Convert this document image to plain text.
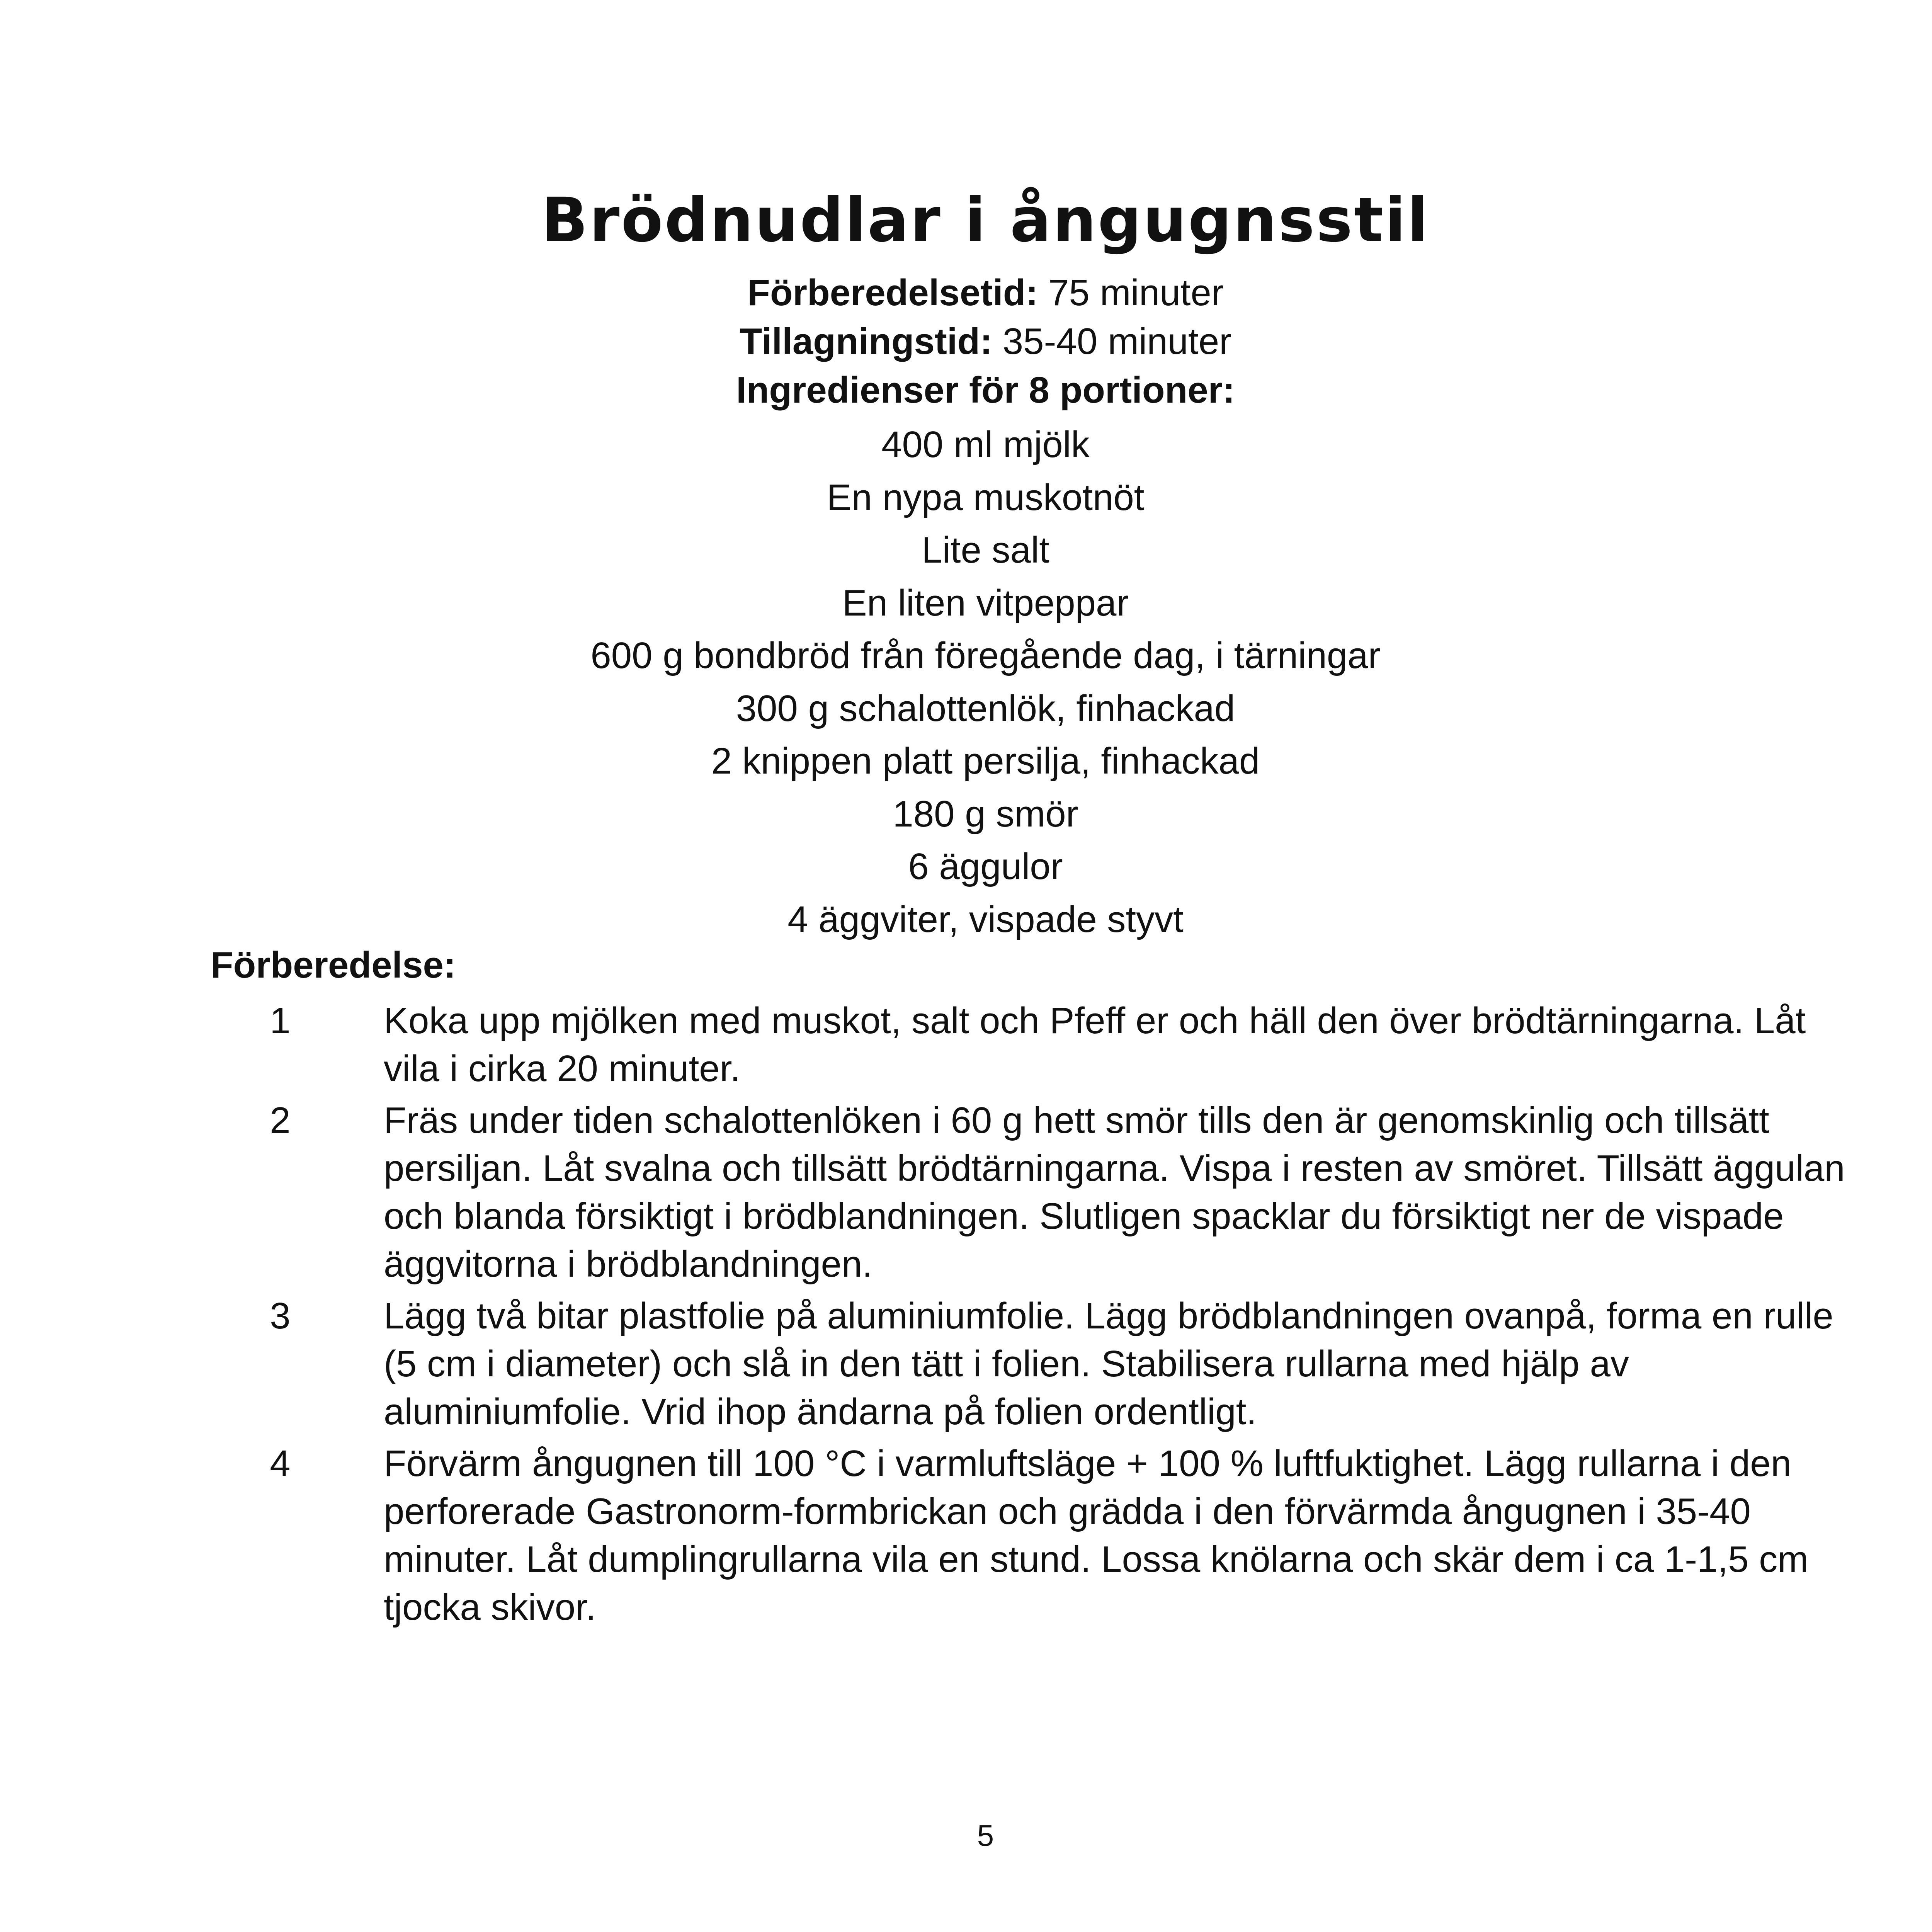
Brödnudlar i ångugnsstil
Förberedelsetid: 75 minuter
Tillagningstid: 35-40 minuter
Ingredienser för 8 portioner:
400 ml mjölk
En nypa muskotnöt
Lite salt
En liten vitpeppar
600 g bondbröd från föregående dag, i tärningar
300 g schalottenlök, finhackad
2 knippen platt persilja, finhackad
180 g smör
6 äggulor
4 äggviter, vispade styvt
Förberedelse:
1	Koka upp mjölken med muskot, salt och Pfeff er och häll den över brödtärningarna. Låt vila i cirka 20 minuter.
2	Fräs under tiden schalottenlöken i 60 g hett smör tills den är genomskinlig och tillsätt persiljan. Låt svalna och tillsätt brödtärningarna. Vispa i resten av smöret. Tillsätt äggulan och blanda försiktigt i brödblandningen. Slutligen spacklar du försiktigt ner de vispade äggvitorna i brödblandningen.
3	Lägg två bitar plastfolie på aluminiumfolie. Lägg brödblandningen ovanpå, forma en rulle (5 cm i diameter) och slå in den tätt i folien. Stabilisera rullarna med hjälp av aluminiumfolie. Vrid ihop ändarna på folien ordentligt.
4	Förvärm ångugnen till 100 °C i varmluftsläge + 100 % luftfuktighet. Lägg rullarna i den perforerade Gastronorm-formbrickan och grädda i den förvärmda ångugnen i 35-40 minuter. Låt dumplingrullarna vila en stund. Lossa knölarna och skär dem i ca 1-1,5 cm tjocka skivor.
5
